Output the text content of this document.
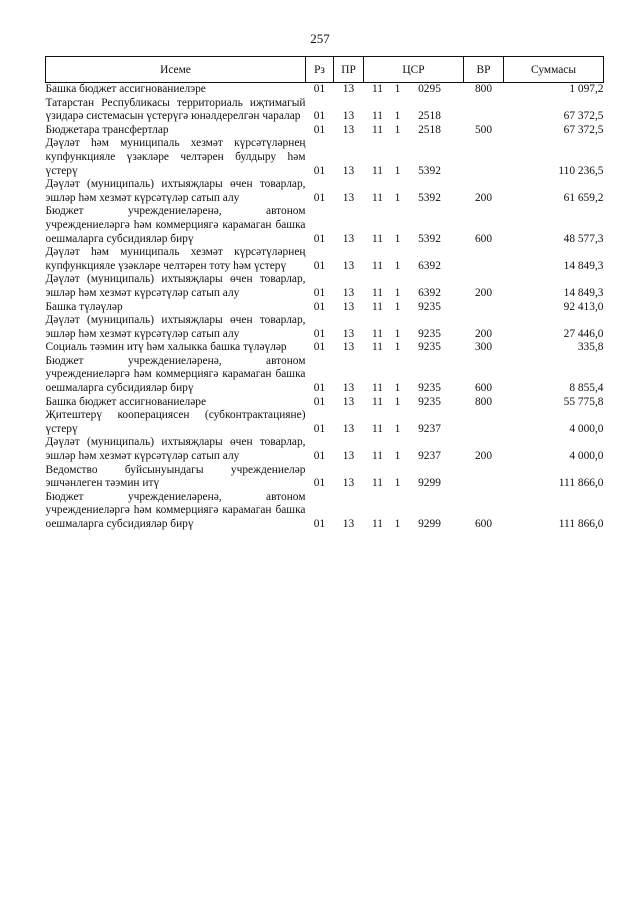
257
Исеме	Рз	ПР	ЦСР	ВР	Суммасы
Башка бюджет ассигнованиелэре	01	13	11 1 0295	800	1 097,2
Татарстан Республикасы территориаль иҗтимагый үзидарә системасын үстерүгә юнәлдерелгән чаралар	01	13	11 1 2518		67 372,5
Бюджетара трансфертлар	01	13	11 1 2518	500	67 372,5
Дәүләт һәм муниципаль хезмәт күрсәтүләрнең купфункцияле үзәкләре челтәрен булдыру һәм үстерү	01	13	11 1 5392		110 236,5
Дәүләт (муниципаль) ихтыяҗлары өчен товарлар, эшләр һәм хезмәт күрсәтүләр сатып алу	01	13	11 1 5392	200	61 659,2
Бюджет учреждениеләренә, автоном учреждениеләргә һәм коммерциягә карамаган башка оешмаларга субсидияләр бирү	01	13	11 1 5392	600	48 577,3
Дәүләт һәм муниципаль хезмәт күрсәтүләрнең купфункцияле үзәкләре челтәрен тоту һәм үстерү	01	13	11 1 6392		14 849,3
Дәүләт (муниципаль) ихтыяҗлары өчен товарлар, эшләр һәм хезмәт күрсәтүләр сатып алу	01	13	11 1 6392	200	14 849,3
Башка түләүләр	01	13	11 1 9235		92 413,0
Дәүләт (муниципаль) ихтыяҗлары өчен товарлар, эшләр һәм хезмәт күрсәтүләр сатып алу	01	13	11 1 9235	200	27 446,0
Социаль тәэмин итү һәм халыкка башка түләүләр	01	13	11 1 9235	300	335,8
Бюджет учреждениеләренә, автоном учреждениеләргә һәм коммерциягә карамаган башка оешмаларга субсидияләр бирү	01	13	11 1 9235	600	8 855,4
Башка бюджет ассигнованиеләре	01	13	11 1 9235	800	55 775,8
Җитештерү кооперациясен (субконтрактацияне) үстерү	01	13	11 1 9237		4 000,0
Дәүләт (муниципаль) ихтыяҗлары өчен товарлар, эшләр һәм хезмәт күрсәтүләр сатып алу	01	13	11 1 9237	200	4 000,0
Ведомство буйсынуындагы учреждениеләр эшчәнлеген тәэмин итү	01	13	11 1 9299		111 866,0
Бюджет учреждениеләренә, автоном учреждениеләргә һәм коммерциягә карамаган башка оешмаларга субсидияләр бирү	01	13	11 1 9299	600	111 866,0
